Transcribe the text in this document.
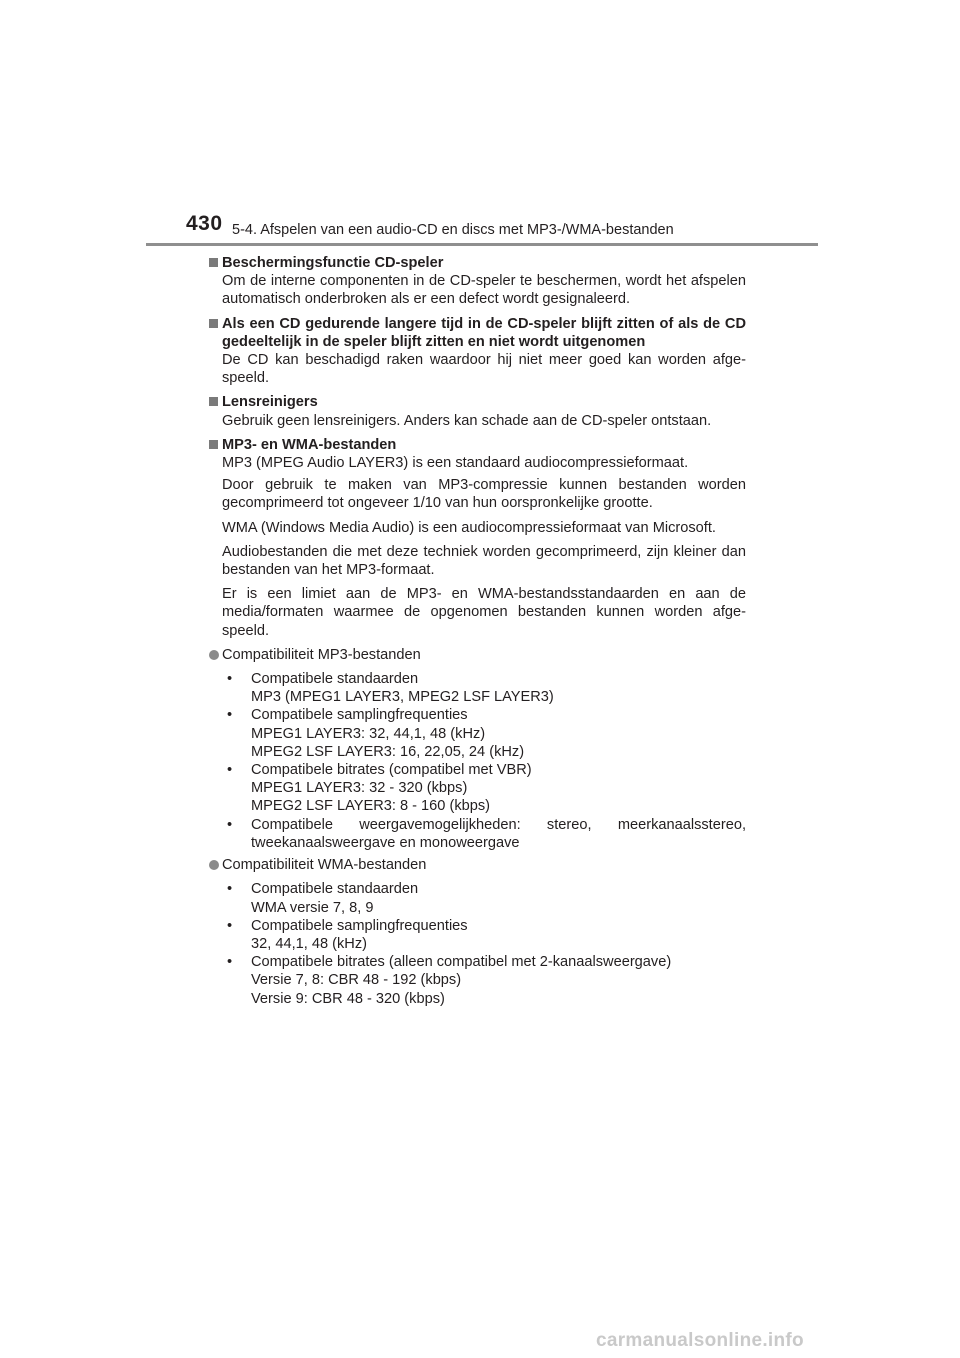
430 5-4. Afspelen van een audio-CD en discs met MP3-/WMA-bestanden
Beschermingsfunctie CD-speler
Om de interne componenten in de CD-speler te beschermen, wordt het afspelen automatisch onderbroken als er een defect wordt gesignaleerd.
Als een CD gedurende langere tijd in de CD-speler blijft zitten of als de CD gedeeltelijk in de speler blijft zitten en niet wordt uitgenomen
De CD kan beschadigd raken waardoor hij niet meer goed kan worden afge-speeld.
Lensreinigers
Gebruik geen lensreinigers. Anders kan schade aan de CD-speler ontstaan.
MP3- en WMA-bestanden
MP3 (MPEG Audio LAYER3) is een standaard audiocompressieformaat.
Door gebruik te maken van MP3-compressie kunnen bestanden worden gecomprimeerd tot ongeveer 1/10 van hun oorspronkelijke grootte.
WMA (Windows Media Audio) is een audiocompressieformaat van Microsoft.
Audiobestanden die met deze techniek worden gecomprimeerd, zijn kleiner dan bestanden van het MP3-formaat.
Er is een limiet aan de MP3- en WMA-bestandsstandaarden en aan de media/formaten waarmee de opgenomen bestanden kunnen worden afge-speeld.
Compatibiliteit MP3-bestanden
• Compatibele standaarden
MP3 (MPEG1 LAYER3, MPEG2 LSF LAYER3)
• Compatibele samplingfrequenties
MPEG1 LAYER3: 32, 44,1, 48 (kHz)
MPEG2 LSF LAYER3: 16, 22,05, 24 (kHz)
• Compatibele bitrates (compatibel met VBR)
MPEG1 LAYER3: 32 - 320 (kbps)
MPEG2 LSF LAYER3: 8 - 160 (kbps)
• Compatibele weergavemogelijkheden: stereo, meerkanaalsstereo, tweekanaalsweergave en monoweergave
Compatibiliteit WMA-bestanden
• Compatibele standaarden
WMA versie 7, 8, 9
• Compatibele samplingfrequenties
32, 44,1, 48 (kHz)
• Compatibele bitrates (alleen compatibel met 2-kanaalsweergave)
Versie 7, 8: CBR 48 - 192 (kbps)
Versie 9: CBR 48 - 320 (kbps)
carmanualsonline.info
